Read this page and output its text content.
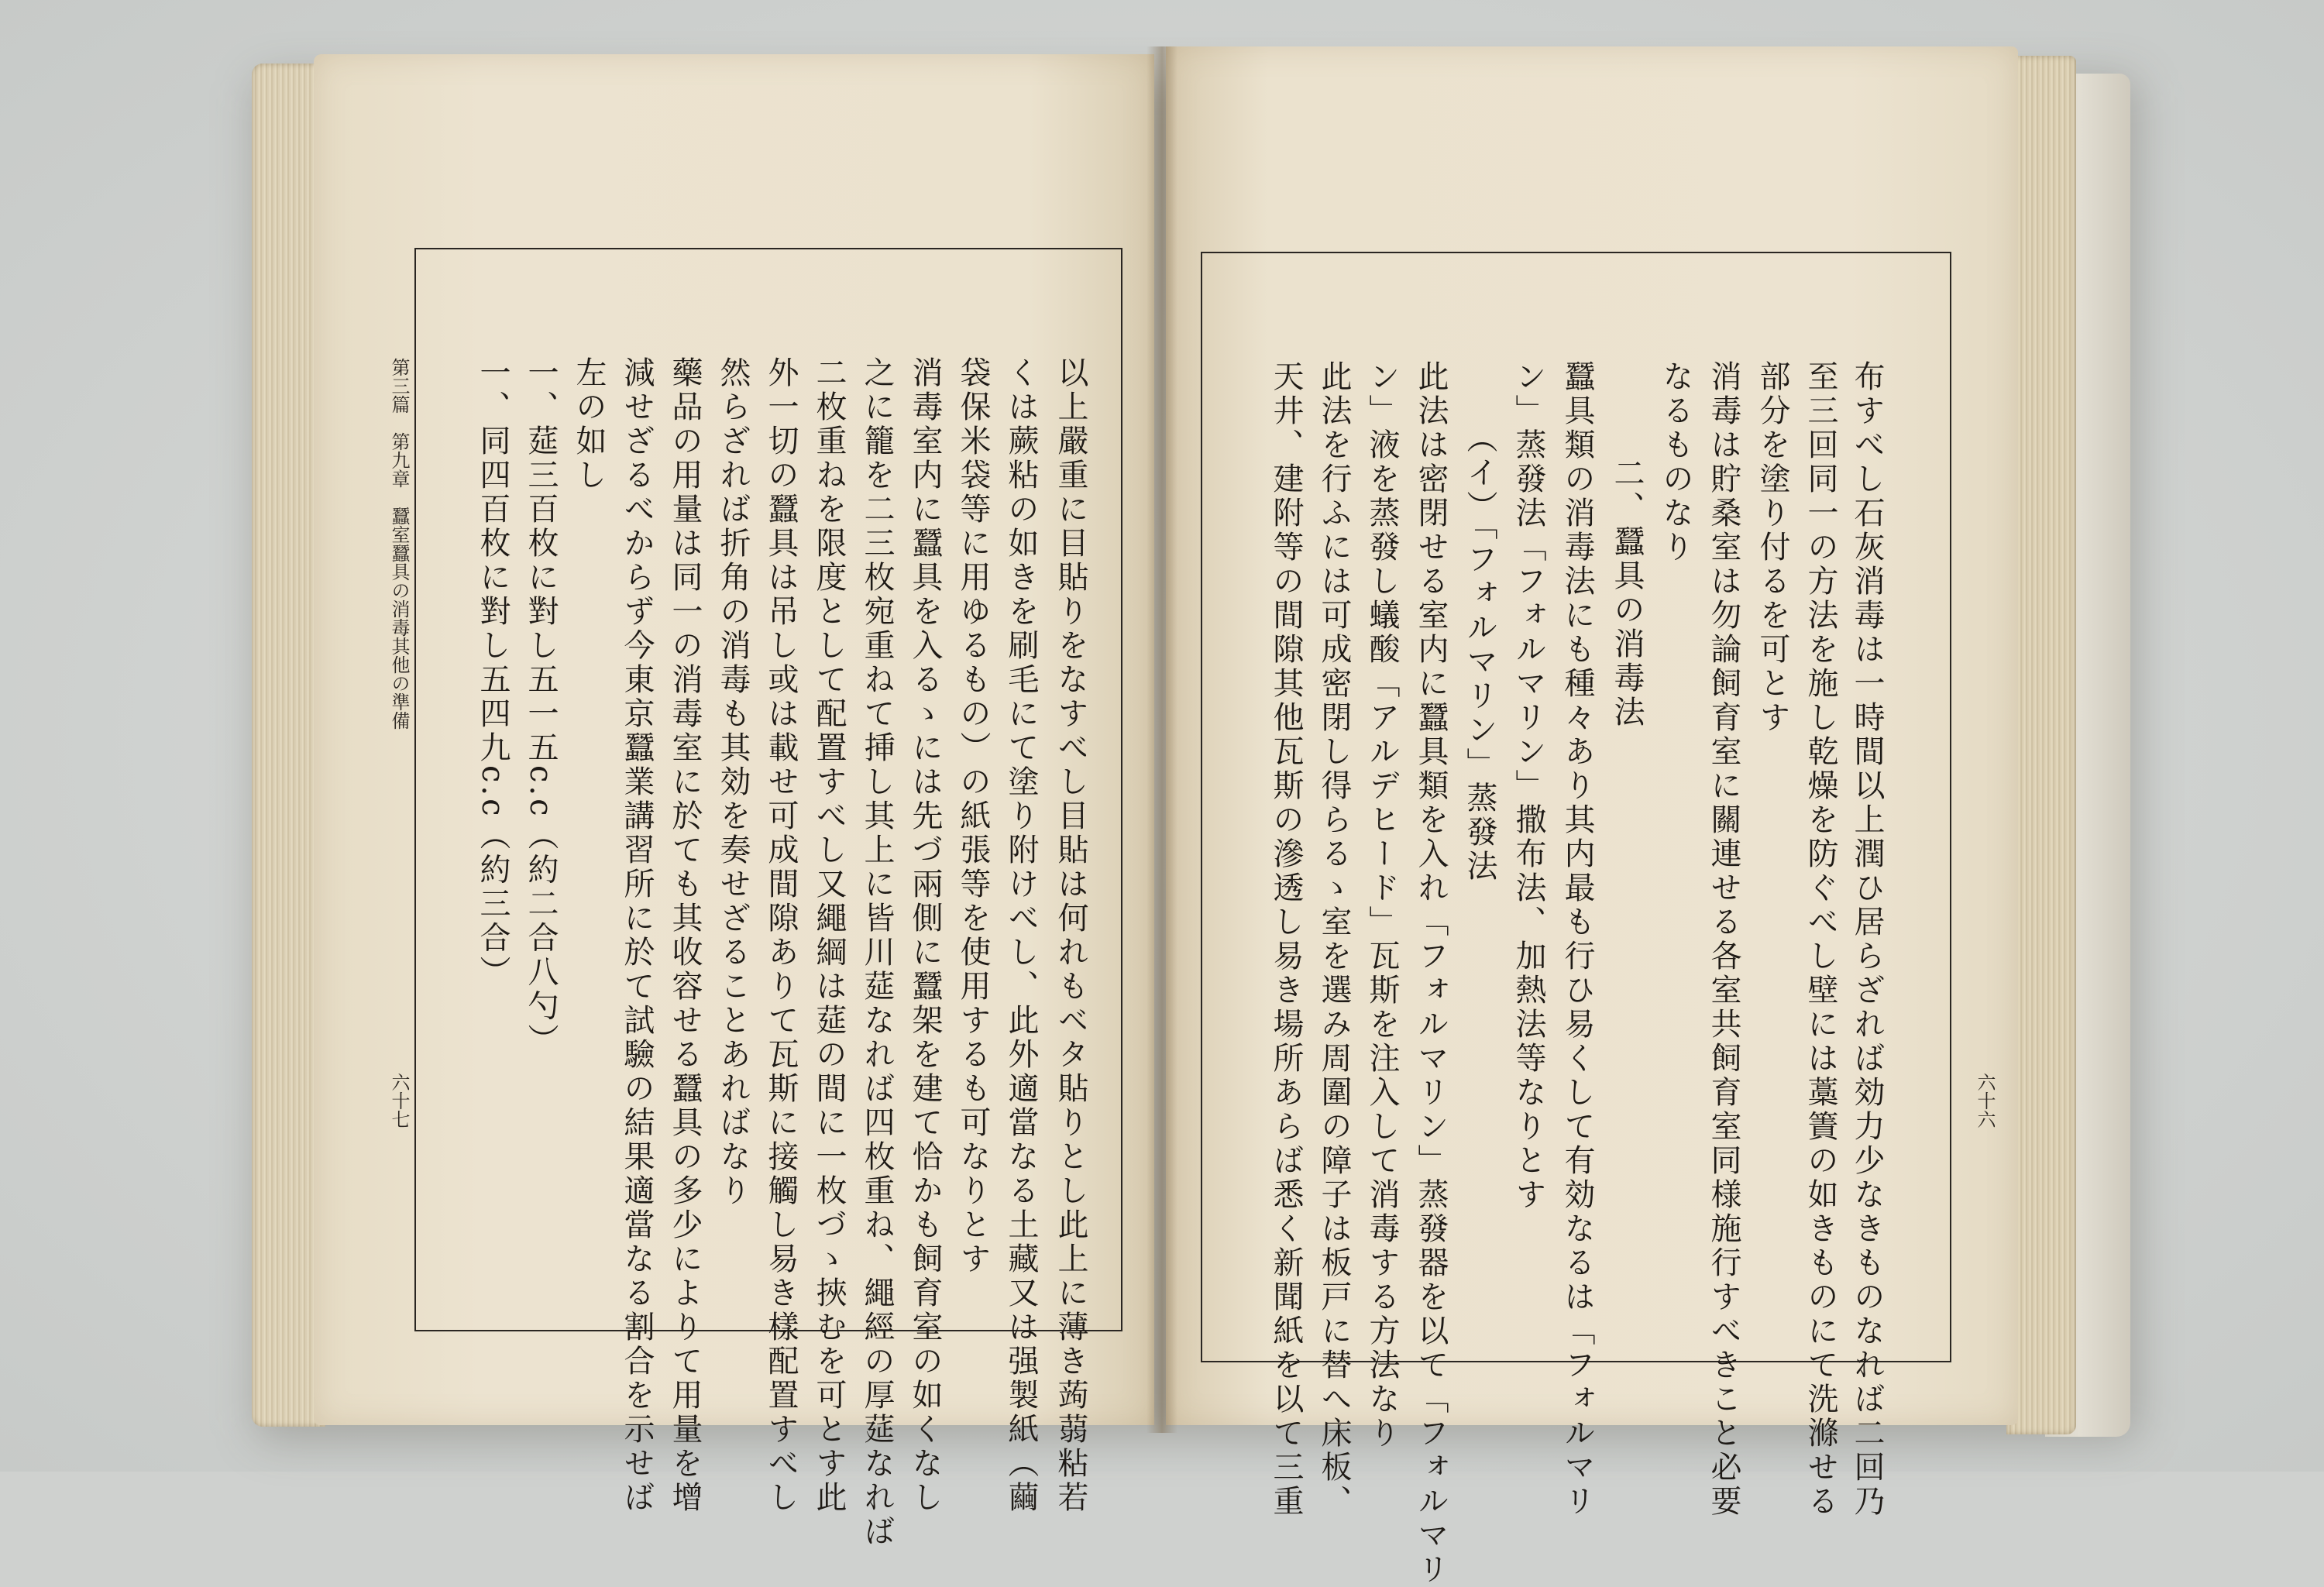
布すべし石灰消毒は一時間以上潤ひ居らざれば効力少なきものなれば二回乃
至三回同一の方法を施し乾燥を防ぐべし壁には藁簀の如きものにて洗滌せる
部分を塗り付るを可とす
消毒は貯桑室は勿論飼育室に關連せる各室共飼育室同様施行すべきこと必要
なるものなり
二、蠶具の消毒法
蠶具類の消毒法にも種々あり其内最も行ひ易くして有効なるは「フォルマリ
ン」蒸發法「フォルマリン」撒布法、加熱法等なりとす
（イ）「フォルマリン」蒸發法
此法は密閉せる室内に蠶具類を入れ「フォルマリン」蒸發器を以て「フォルマリ
ン」液を蒸發し蟻酸「アルデヒード」瓦斯を注入して消毒する方法なり
此法を行ふには可成密閉し得らるゝ室を選み周圍の障子は板戸に替へ床板、
天井、建附等の間隙其他瓦斯の滲透し易き場所あらば悉く新聞紙を以て三重	六十六
以上嚴重に目貼りをなすべし目貼は何れもベタ貼りとし此上に薄き蒟蒻粘若
くは蕨粘の如きを刷毛にて塗り附けべし、此外適當なる土藏又は强製紙（繭
袋保米袋等に用ゆるもの）の紙張等を使用するも可なりとす
消毒室内に蠶具を入るゝには先づ兩側に蠶架を建て恰かも飼育室の如くなし
之に籠を二三枚宛重ねて挿し其上に皆川莚なれば四枚重ね、繩經の厚莚なれば
二枚重ねを限度として配置すべし又繩綱は莚の間に一枚づゝ挾むを可とす此
外一切の蠶具は吊し或は載せ可成間隙ありて瓦斯に接觸し易き樣配置すべし
然らざれば折角の消毒も其効を奏せざることあればなり
藥品の用量は同一の消毒室に於ても其收容せる蠶具の多少によりて用量を增
減せざるべからず今東京蠶業講習所に於て試驗の結果適當なる割合を示せば
左の如し
一、莚三百枚に對し五一五c.c（約二合八勺）
一、同四百枚に對し五四九c.c（約三合）
第三篇　第九章　蠶室蠶具の消毒其他の準備
六十七
